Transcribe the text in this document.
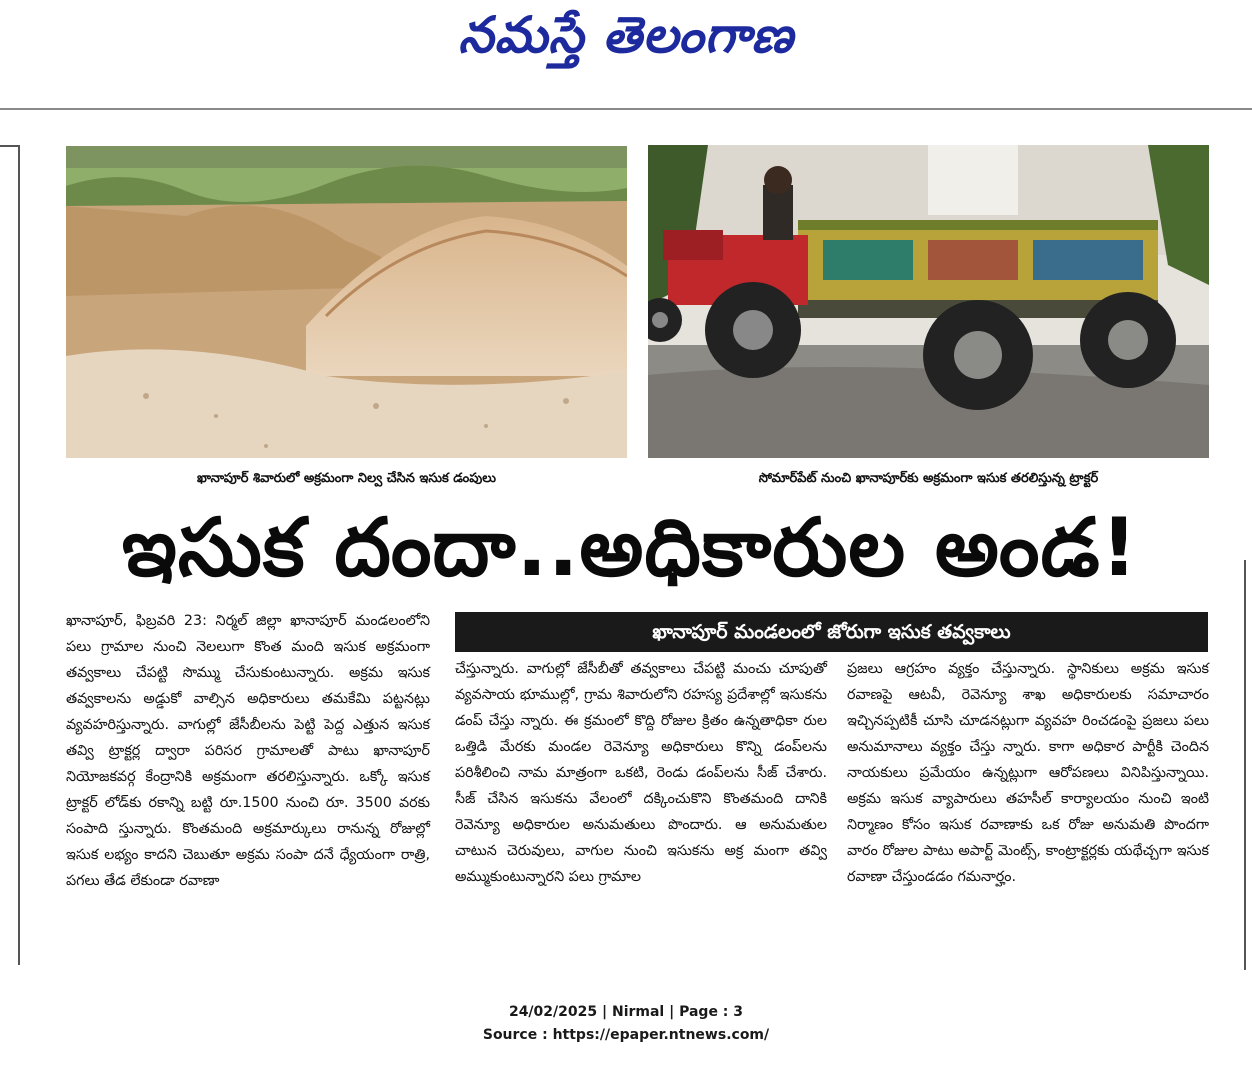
నమస్తే తెలంగాణ
ఖానాపూర్‌ శివారులో అక్రమంగా నిల్వ చేసిన ఇసుక డంపులు	సోమార్‌పేట్‌ నుంచి ఖానాపూర్‌కు అక్రమంగా ఇసుక తరలిస్తున్న ట్రాక్టర్‌
ఇసుక దందా..అధికారుల అండ!

ఖానాపూర్‌, ఫిబ్రవరి 23: నిర్మల్‌ జిల్లా ఖానాపూర్‌ మండలంలోని పలు గ్రామాల నుంచి నెలలుగా కొంత మంది ఇసుక అక్రమంగా తవ్వకాలు చేపట్టి సొమ్ము చేసుకుంటున్నారు. అక్రమ ఇసుక తవ్వకాలను అడ్డుకో వాల్సిన అధికారులు తమకేమి పట్టనట్లు వ్యవహరిస్తున్నారు. వాగుల్లో జేసీబీలను పెట్టి పెద్ద ఎత్తున ఇసుక తవ్వి ట్రాక్టర్ల ద్వారా పరిసర గ్రామాలతో పాటు ఖానాపూర్‌ నియోజకవర్గ కేంద్రానికి అక్రమంగా తరలిస్తున్నారు. ఒక్కో ఇసుక ట్రాక్టర్‌ లోడ్‌కు రకాన్ని బట్టి రూ.1500 నుంచి రూ. 3500 వరకు సంపాది స్తున్నారు. కొంతమంది అక్రమార్కులు రానున్న రోజుల్లో ఇసుక లభ్యం కాదని చెబుతూ అక్రమ సంపా దనే ధ్యేయంగా రాత్రి, పగలు తేడ లేకుండా రవాణా

ఖానాపూర్‌ మండలంలో జోరుగా ఇసుక తవ్వకాలు

చేస్తున్నారు. వాగుల్లో జేసీబీతో తవ్వకాలు చేపట్టి మంచు చూపుతో వ్యవసాయ భూముల్లో, గ్రామ శివారులోని రహస్య ప్రదేశాల్లో ఇసుకను డంప్‌ చేస్తు న్నారు. ఈ క్రమంలో కొద్ది రోజుల క్రితం ఉన్నతాధికా రుల ఒత్తిడి మేరకు మండల రెవెన్యూ అధికారులు కొన్ని డంప్‌లను పరిశీలించి నామ మాత్రంగా ఒకటి, రెండు డంప్‌లను సీజ్‌ చేశారు. సీజ్‌ చేసిన ఇసుకను వేలంలో దక్కించుకొని కొంతమంది దానికి రెవెన్యూ అధికారుల అనుమతులు పొందారు. ఆ అనుమతుల చాటున చెరువులు, వాగుల నుంచి ఇసుకను అక్ర మంగా తవ్వి అమ్ముకుంటున్నారని పలు గ్రామాల

ప్రజలు ఆగ్రహం వ్యక్తం చేస్తున్నారు. స్థానికులు అక్రమ ఇసుక రవాణపై ఆటవీ, రెవెన్యూ శాఖ అధికారులకు సమాచారం ఇచ్చినప్పటికీ చూసి చూడనట్లుగా వ్యవహ రించడంపై ప్రజలు పలు అనుమానాలు వ్యక్తం చేస్తు న్నారు. కాగా అధికార పార్టీకి చెందిన నాయకులు ప్రమేయం ఉన్నట్లుగా ఆరోపణలు వినిపిస్తున్నాయి. అక్రమ ఇసుక వ్యాపారులు తహసీల్‌ కార్యాలయం నుంచి ఇంటి నిర్మాణం కోసం ఇసుక రవాణాకు ఒక రోజు అనుమతి పొందగా వారం రోజుల పాటు అపార్ట్‌ మెంట్స్‌, కాంట్రాక్టర్లకు యథేచ్చగా ఇసుక రవాణా చేస్తుండడం గమనార్హం.

24/02/2025 | Nirmal | Page : 3
Source : https://epaper.ntnews.com/
